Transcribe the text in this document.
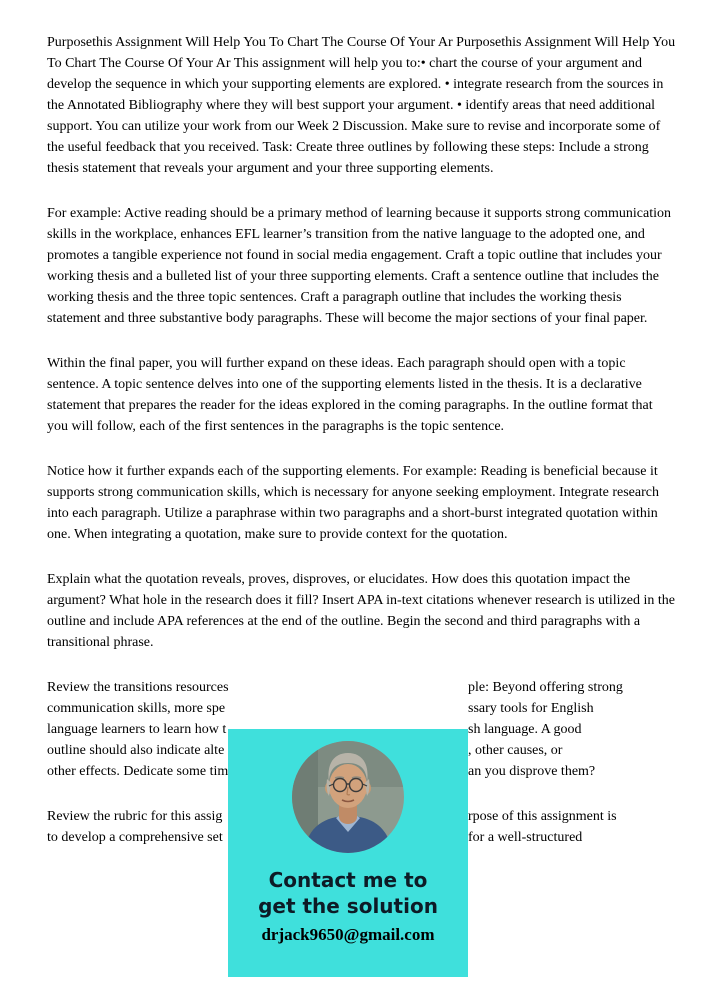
Purposethis Assignment Will Help You To Chart The Course Of Your Ar Purposethis Assignment Will Help You To Chart The Course Of Your Ar This assignment will help you to:• chart the course of your argument and develop the sequence in which your supporting elements are explored. • integrate research from the sources in the Annotated Bibliography where they will best support your argument. • identify areas that need additional support. You can utilize your work from our Week 2 Discussion. Make sure to revise and incorporate some of the useful feedback that you received. Task: Create three outlines by following these steps: Include a strong thesis statement that reveals your argument and your three supporting elements.

For example: Active reading should be a primary method of learning because it supports strong communication skills in the workplace, enhances EFL learner’s transition from the native language to the adopted one, and promotes a tangible experience not found in social media engagement. Craft a topic outline that includes your working thesis and a bulleted list of your three supporting elements. Craft a sentence outline that includes the working thesis and the three topic sentences. Craft a paragraph outline that includes the working thesis statement and three substantive body paragraphs. These will become the major sections of your final paper.

Within the final paper, you will further expand on these ideas. Each paragraph should open with a topic sentence. A topic sentence delves into one of the supporting elements listed in the thesis. It is a declarative statement that prepares the reader for the ideas explored in the coming paragraphs. In the outline format that you will follow, each of the first sentences in the paragraphs is the topic sentence.

Notice how it further expands each of the supporting elements. For example: Reading is beneficial because it supports strong communication skills, which is necessary for anyone seeking employment. Integrate research into each paragraph. Utilize a paraphrase within two paragraphs and a short-burst integrated quotation within one. When integrating a quotation, make sure to provide context for the quotation.

Explain what the quotation reveals, proves, disproves, or elucidates. How does this quotation impact the argument? What hole in the research does it fill? Insert APA in-text citations whenever research is utilized in the outline and include APA references at the end of the outline. Begin the second and third paragraphs with a transitional phrase.

Review the transitions resources	ple: Beyond offering strong
communication skills, more spe	ssary tools for English
language learners to learn how t	sh language. A good
outline should also indicate alte	, other causes, or
other effects. Dedicate some tim	an you disprove them?
Review the rubric for this assig	rpose of this assignment is
to develop a comprehensive set	for a well-structured
Contact me to
get the solution
drjack9650@gmail.com
